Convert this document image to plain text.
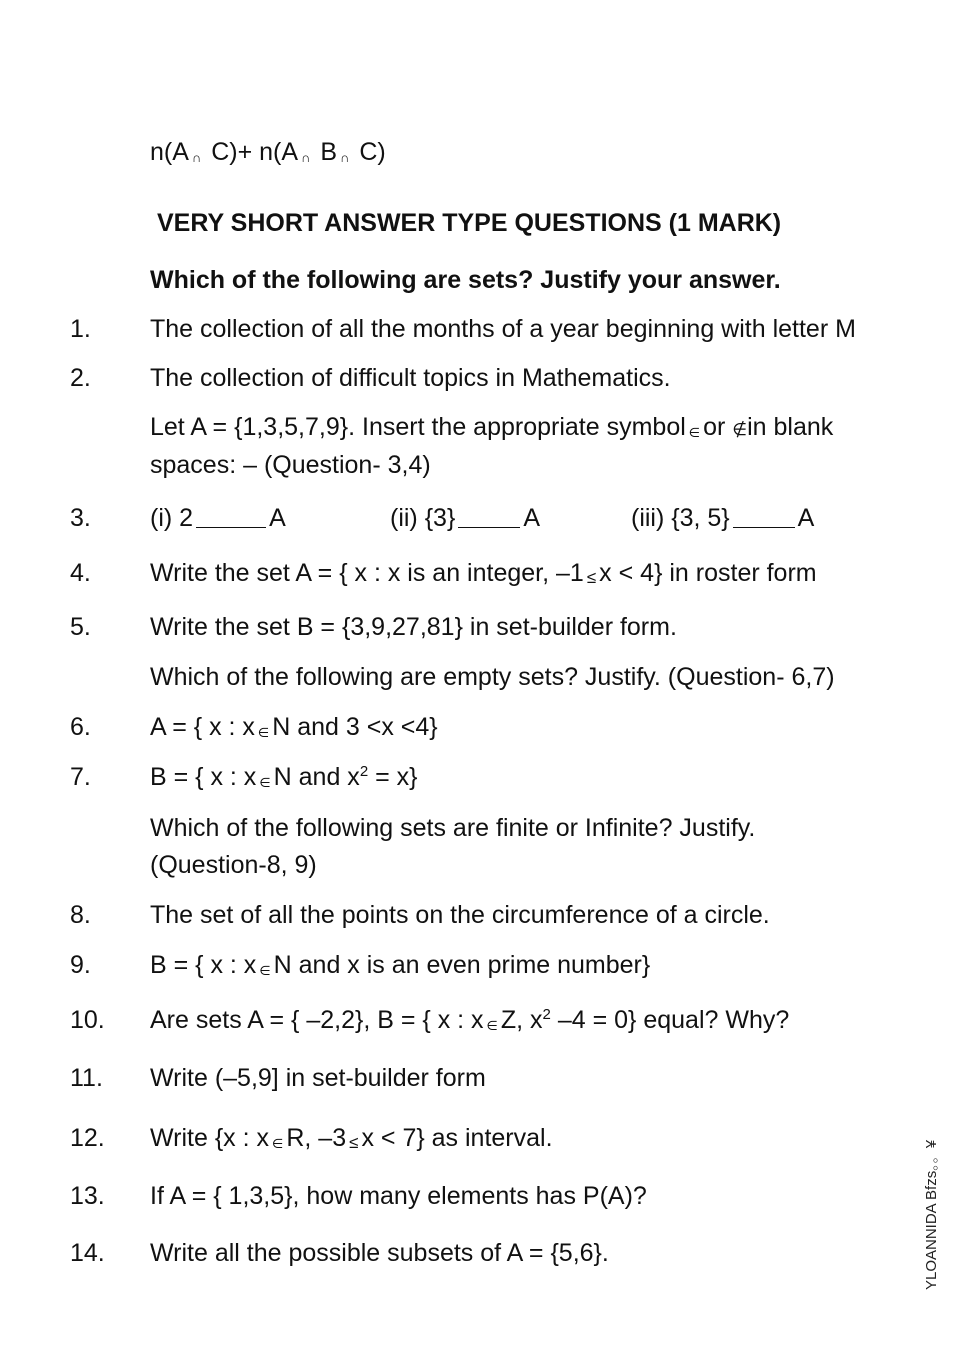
n(A ∩ C)+ n(A ∩ B ∩ C)
VERY SHORT ANSWER TYPE QUESTIONS (1 MARK)
Which of the following are sets? Justify your answer.
1. The collection of all the months of a year beginning with letter M
2. The collection of difficult topics in Mathematics.
Let A = {1,3,5,7,9}. Insert the appropriate symbol ∈ or ∉in blank
spaces: – (Question- 3,4)
3. (i) 2	A	(ii) {3}	A	(iii) {3, 5}	A
4. Write the set A = { x : x is an integer, –1 ≤ x < 4} in roster form
5. Write the set B = {3,9,27,81} in set-builder form.
Which of the following are empty sets? Justify. (Question- 6,7)
6. A = { x : x ∈ N and 3 <x <4}
7. B = { x : x ∈ N and $x^2 = x$}
Which of the following sets are finite or Infinite? Justify.
(Question-8, 9)
8. The set of all the points on the circumference of a circle.
9. B = { x : x ∈ N and x is an even prime number}
10. Are sets A = { –2,2}, B = { x : x ∈ Z, $x^2$ –4 = 0} equal? Why?
11. Write (–5,9] in set-builder form
12. Write {x : x ∈ R, –3 ≤ x < 7} as interval.
13. If A = { 1,3,5}, how many elements has P(A)?
14. Write all the possible subsets of A = {5,6}.	YLOANNIDA Bfzs。。¥
